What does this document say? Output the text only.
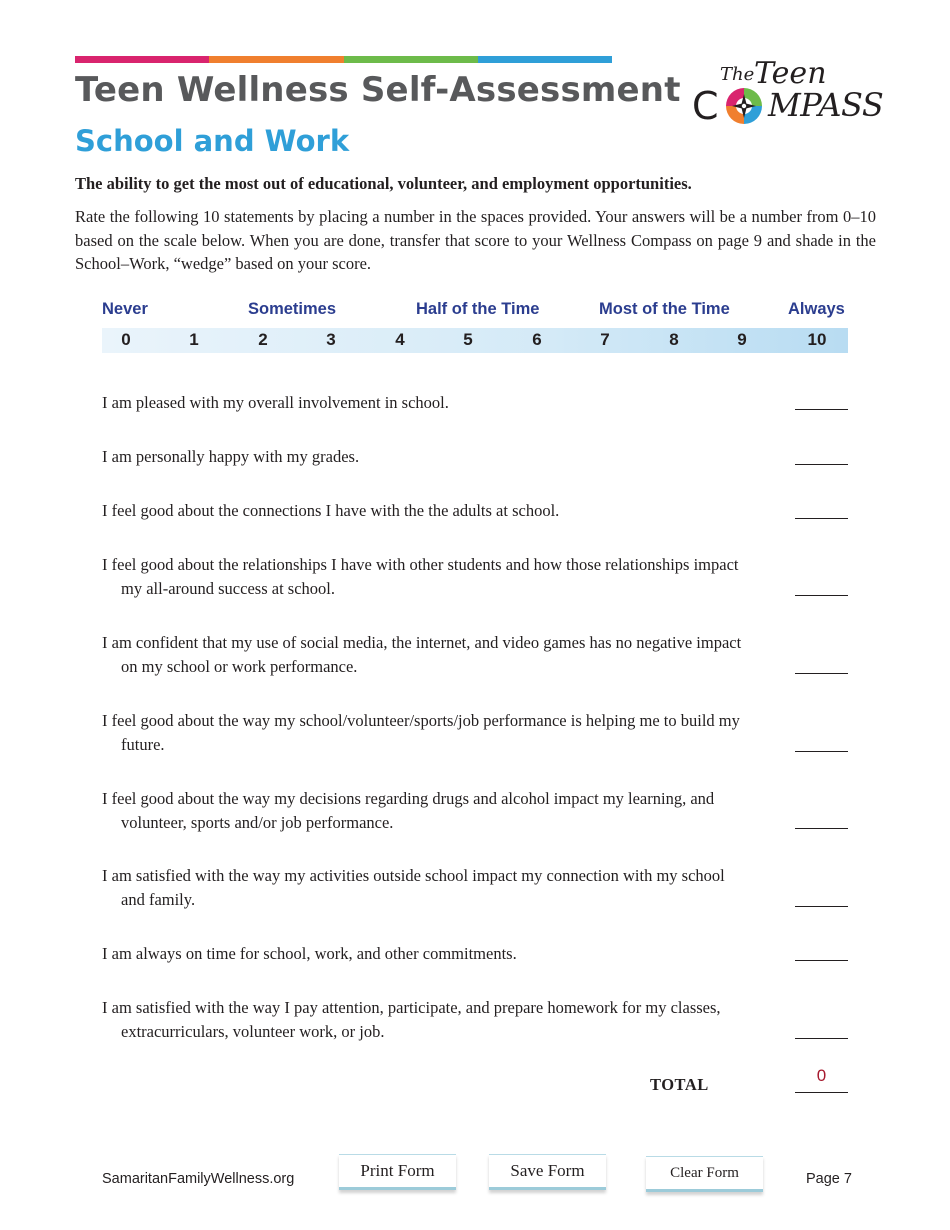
Teen Wellness Self-Assessment
School and Work
The Teen
C MPASS

The ability to get the most out of educational, volunteer, and employment opportunities.

Rate the following 10 statements by placing a number in the spaces provided. Your answers will be a number from 0–10 based on the scale below. When you are done, transfer that score to your Wellness Compass on page 9 and shade in the School–Work, “wedge” based on your score.

Never	Sometimes	Half of the Time	Most of the Time	Always
0	1	2	3	4	5	6	7	8	9	10

I am pleased with my overall involvement in school.

I am personally happy with my grades.

I feel good about the connections I have with the the adults at school.

I feel good about the relationships I have with other students and how those relationships impact my all-around success at school.

I am confident that my use of social media, the internet, and video games has no negative impact on my school or work performance.

I feel good about the way my school/volunteer/sports/job performance is helping me to build my future.

I feel good about the way my decisions regarding drugs and alcohol impact my learning, and volunteer, sports and/or job performance.

I am satisfied with the way my activities outside school impact my connection with my school and family.

I am always on time for school, work, and other commitments.

I am satisfied with the way I pay attention, participate, and prepare homework for my classes, extracurriculars, volunteer work, or job.

TOTAL	0
Print Form	Save Form	Clear Form
SamaritanFamilyWellness.org	Page 7
